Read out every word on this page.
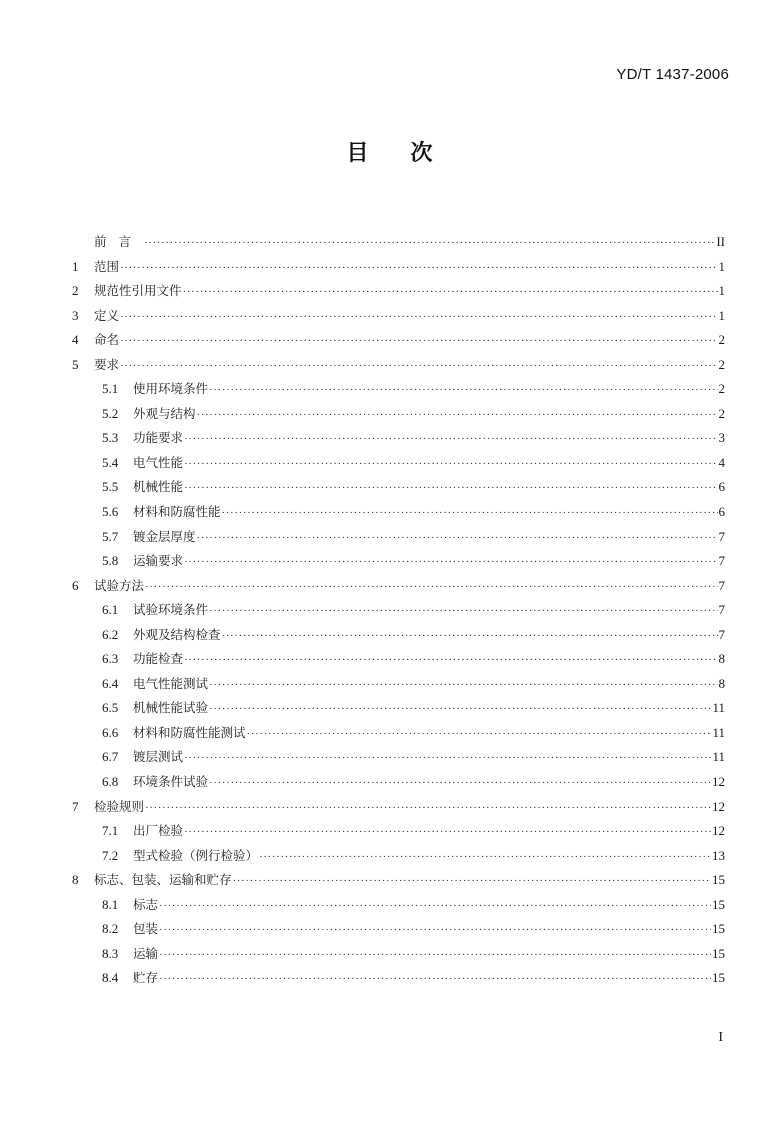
YD/T 1437-2006
目 次
前言 ·····	II
1	范围 ·····	1
2	规范性引用文件 ·····	1
3	定义 ·····	1
4	命名 ·····	2
5	要求 ·····	2
5.1	使用环境条件 ·····	2
5.2	外观与结构 ·····	2
5.3	功能要求 ·····	3
5.4	电气性能 ·····	4
5.5	机械性能 ·····	6
5.6	材料和防腐性能 ·····	6
5.7	镀金层厚度 ·····	7
5.8	运输要求 ·····	7
6	试验方法 ·····	7
6.1	试验环境条件 ·····	7
6.2	外观及结构检查 ·····	7
6.3	功能检查 ·····	8
6.4	电气性能测试 ·····	8
6.5	机械性能试验 ·····	11
6.6	材料和防腐性能测试 ·····	11
6.7	镀层测试 ·····	11
6.8	环境条件试验 ·····	12
7	检验规则 ·····	12
7.1	出厂检验 ·····	12
7.2	型式检验（例行检验） ·····	13
8	标志、包装、运输和贮存 ·····	15
8.1	标志 ·····	15
8.2	包装 ·····	15
8.3	运输 ·····	15
8.4	贮存 ·····	15
I
